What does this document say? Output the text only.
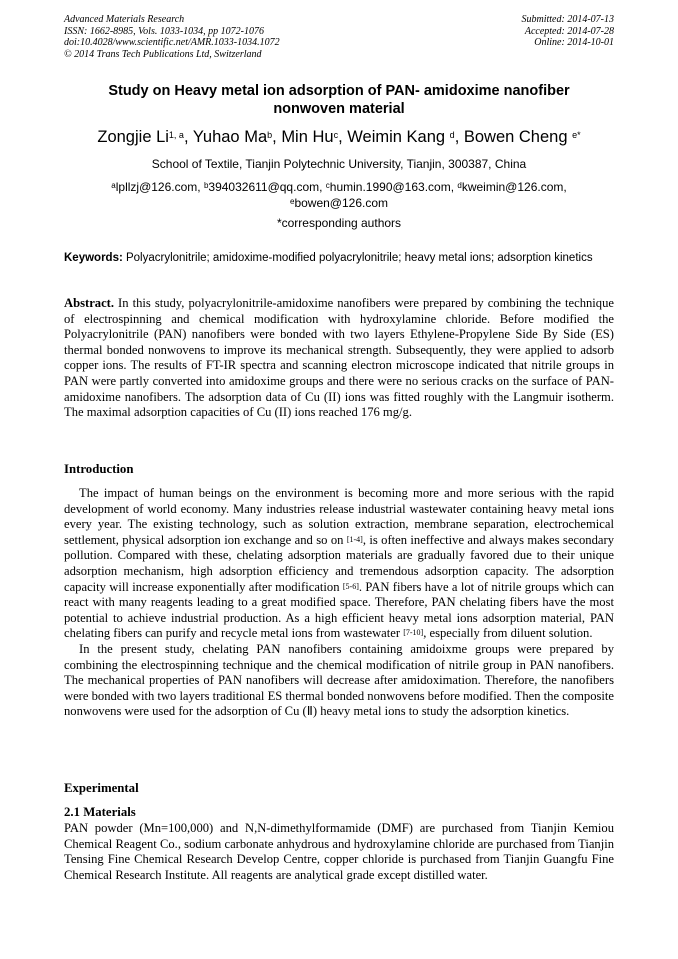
Advanced Materials Research
ISSN: 1662-8985, Vols. 1033-1034, pp 1072-1076
doi:10.4028/www.scientific.net/AMR.1033-1034.1072
© 2014 Trans Tech Publications Ltd, Switzerland
Submitted: 2014-07-13
Accepted: 2014-07-28
Online: 2014-10-01
Study on Heavy metal ion adsorption of PAN- amidoxime nanofiber
nonwoven material
Zongjie Li$^{1, a}$, Yuhao Ma$^b$, Min Hu$^c$, Weimin Kang $^d$, Bowen Cheng $^{e*}$
School of Textile, Tianjin Polytechnic University, Tianjin, 300387, China
$^a$lpllzj@126.com, $^b$394032611@qq.com, $^c$humin.1990@163.com, $^d$kweimin@126.com,
$^e$bowen@126.com
*corresponding authors
Keywords: Polyacrylonitrile; amidoxime-modified polyacrylonitrile; heavy metal ions; adsorption kinetics

Abstract. In this study, polyacrylonitrile-amidoxime nanofibers were prepared by combining the technique of electrospinning and chemical modification with hydroxylamine chloride. Before modified the Polyacrylonitrile (PAN) nanofibers were bonded with two layers Ethylene-Propylene Side By Side (ES) thermal bonded nonwovens to improve its mechanical strength. Subsequently, they were applied to adsorb copper ions. The results of FT-IR spectra and scanning electron microscope indicated that nitrile groups in PAN were partly converted into amidoxime groups and there were no serious cracks on the surface of PAN-amidoxime nanofibers. The adsorption data of Cu (II) ions was fitted roughly with the Langmuir isotherm. The maximal adsorption capacities of Cu (II) ions reached 176 mg/g.

Introduction

The impact of human beings on the environment is becoming more and more serious with the rapid development of world economy. Many industries release industrial wastewater containing heavy metal ions every year. The existing technology, such as solution extraction, membrane separation, electrochemical settlement, physical adsorption ion exchange and so on [1-4], is often ineffective and always makes secondary pollution. Compared with these, chelating adsorption materials are gradually favored due to their unique adsorption mechanism, high adsorption efficiency and tremendous adsorption capacity. The adsorption capacity will increase exponentially after modification [5-6]. PAN fibers have a lot of nitrile groups which can react with many reagents leading to a great modified space. Therefore, PAN chelating fibers have the most potential to achieve industrial production. As a high efficient heavy metal ions adsorption material, PAN chelating fibers can purify and recycle metal ions from wastewater [7-10], especially from diluent solution.

In the present study, chelating PAN nanofibers containing amidoixme groups were prepared by combining the electrospinning technique and the chemical modification of nitrile group in PAN nanofibers. The mechanical properties of PAN nanofibers will decrease after amidoximation. Therefore, the nanofibers were bonded with two layers traditional ES thermal bonded nonwovens before modified. Then the composite nonwovens were used for the adsorption of Cu (Ⅱ) heavy metal ions to study the adsorption kinetics.

Experimental
2.1 Materials

PAN powder (Mn=100,000) and N,N-dimethylformamide (DMF) are purchased from Tianjin Kemiou Chemical Reagent Co., sodium carbonate anhydrous and hydroxylamine chloride are purchased from Tianjin Tensing Fine Chemical Research Develop Centre, copper chloride is purchased from Tianjin Guangfu Fine Chemical Research Institute. All reagents are analytical grade except distilled water.
